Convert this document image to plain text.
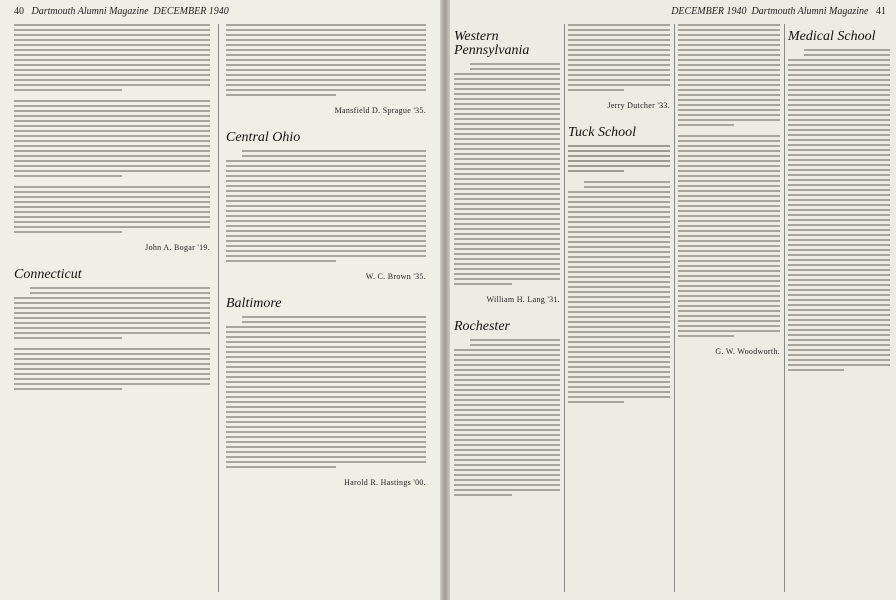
40 Dartmouth Alumni Magazine DECEMBER 1940
John A. Bogar '19.
Connecticut
Mansfield D. Sprague '35.
Central Ohio
W. C. Brown '35.
Baltimore
Harold R. Hastings '00.
DECEMBER 1940 Dartmouth Alumni Magazine 41
Western Pennsylvania
William H. Lang '31.
Rochester
Jerry Dutcher '33.
Tuck School
G. W. Woodworth.
Medical School
